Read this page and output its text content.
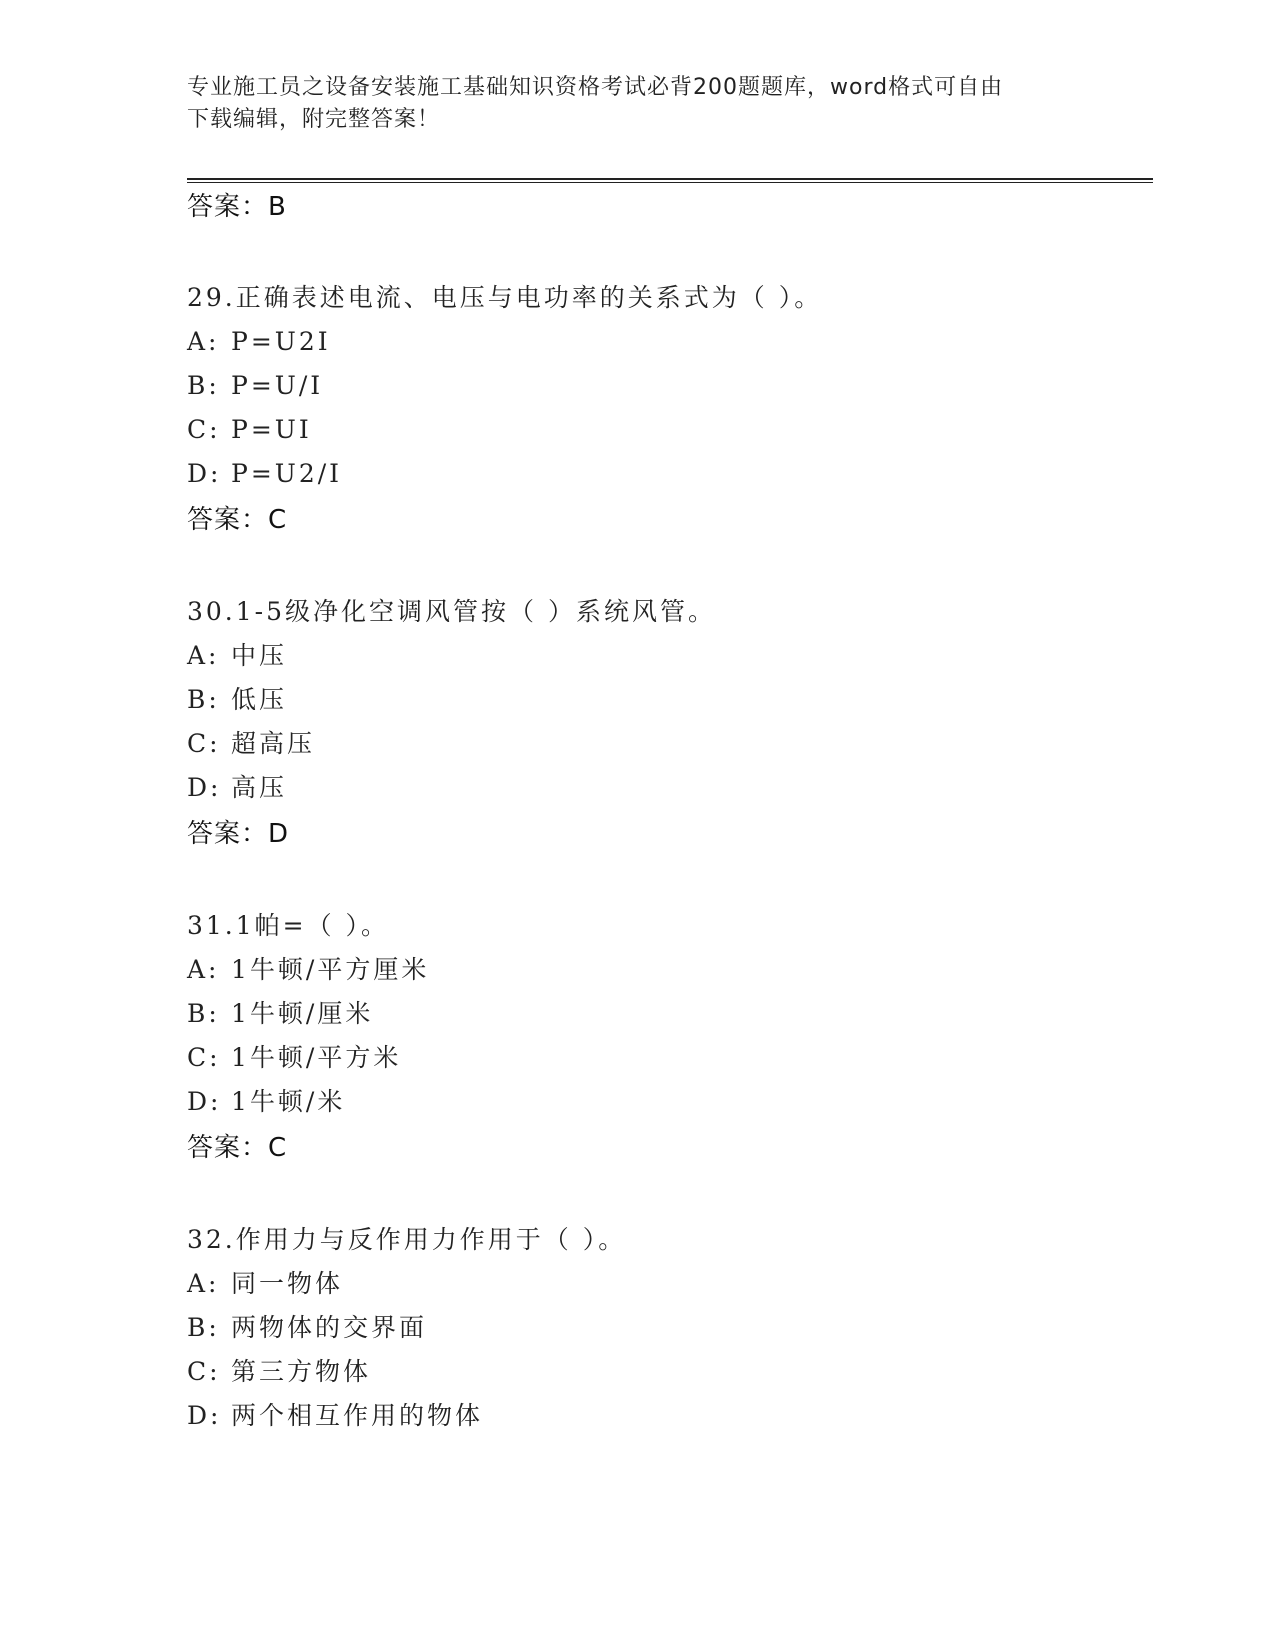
专业施工员之设备安装施工基础知识资格考试必背200题题库，word格式可自由
下载编辑，附完整答案！
答案：B
29.正确表述电流、电压与电功率的关系式为（ ）。
A: P=U2I
B: P=U/I
C: P=UI
D: P=U2/I
答案：C
30.1-5级净化空调风管按（ ）系统风管。
A: 中压
B: 低压
C: 超高压
D: 高压
答案：D
31.1帕=（ ）。
A: 1牛顿/平方厘米
B: 1牛顿/厘米
C: 1牛顿/平方米
D: 1牛顿/米
答案：C
32.作用力与反作用力作用于（ ）。
A: 同一物体
B: 两物体的交界面
C: 第三方物体
D: 两个相互作用的物体
